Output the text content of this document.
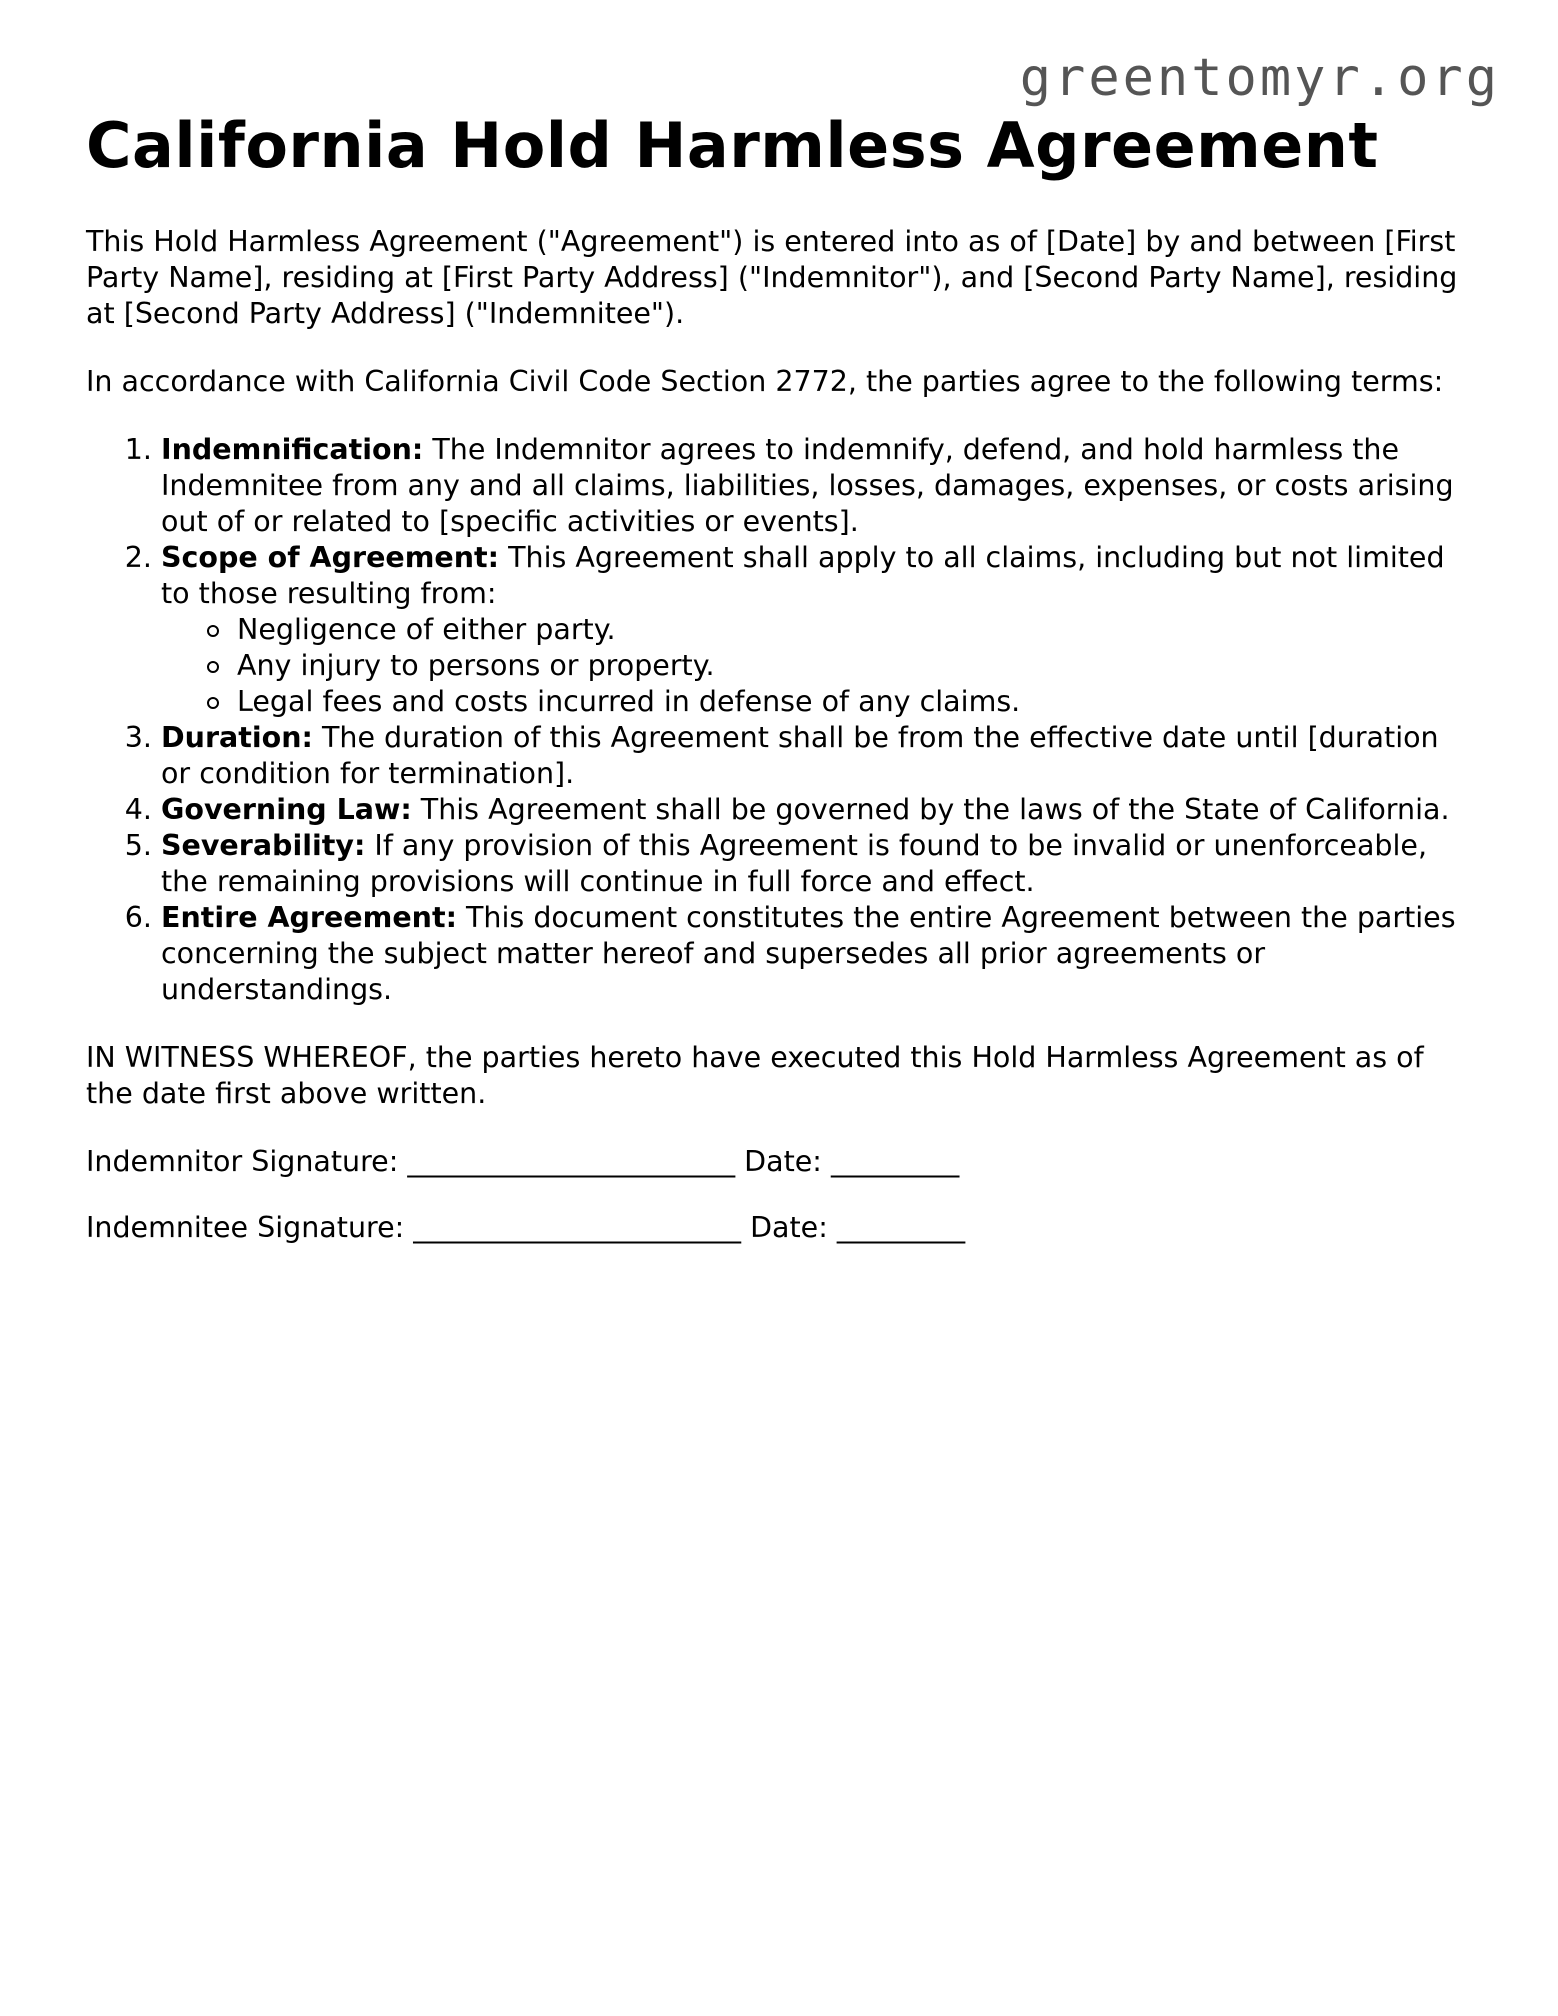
greentomyr.org
California Hold Harmless Agreement

This Hold Harmless Agreement ("Agreement") is entered into as of [Date] by and between [First Party Name], residing at [First Party Address] ("Indemnitor"), and [Second Party Name], residing at [Second Party Address] ("Indemnitee").

In accordance with California Civil Code Section 2772, the parties agree to the following terms:

1. Indemnification: The Indemnitor agrees to indemnify, defend, and hold harmless the Indemnitee from any and all claims, liabilities, losses, damages, expenses, or costs arising out of or related to [specific activities or events].
2. Scope of Agreement: This Agreement shall apply to all claims, including but not limited to those resulting from:
Negligence of either party.
Any injury to persons or property.
Legal fees and costs incurred in defense of any claims.
3. Duration: The duration of this Agreement shall be from the effective date until [duration or condition for termination].
4. Governing Law: This Agreement shall be governed by the laws of the State of California.
5. Severability: If any provision of this Agreement is found to be invalid or unenforceable, the remaining provisions will continue in full force and effect.
6. Entire Agreement: This document constitutes the entire Agreement between the parties concerning the subject matter hereof and supersedes all prior agreements or understandings.

IN WITNESS WHEREOF, the parties hereto have executed this Hold Harmless Agreement as of the date first above written.

Indemnitor Signature: _______________________ Date: _________

Indemnitee Signature: _______________________ Date: _________
